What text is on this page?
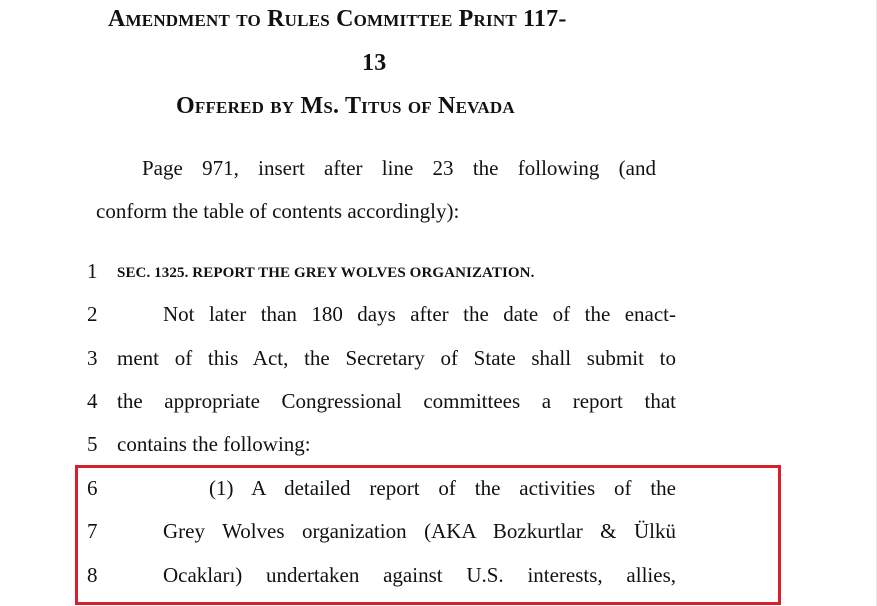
Amendment to Rules Committee Print 117-
13
Offered by Ms. Titus of Nevada
Page 971, insert after line 23 the following (and
conform the table of contents accordingly):
1 SEC. 1325. REPORT THE GREY WOLVES ORGANIZATION.
2	Not later than 180 days after the date of the enact-
3 ment of this Act, the Secretary of State shall submit to
4 the appropriate Congressional committees a report that
5 contains the following:
6	(1) A detailed report of the activities of the
7	Grey Wolves organization (AKA Bozkurtlar & Ülkü
8	Ocakları) undertaken against U.S. interests, allies,
